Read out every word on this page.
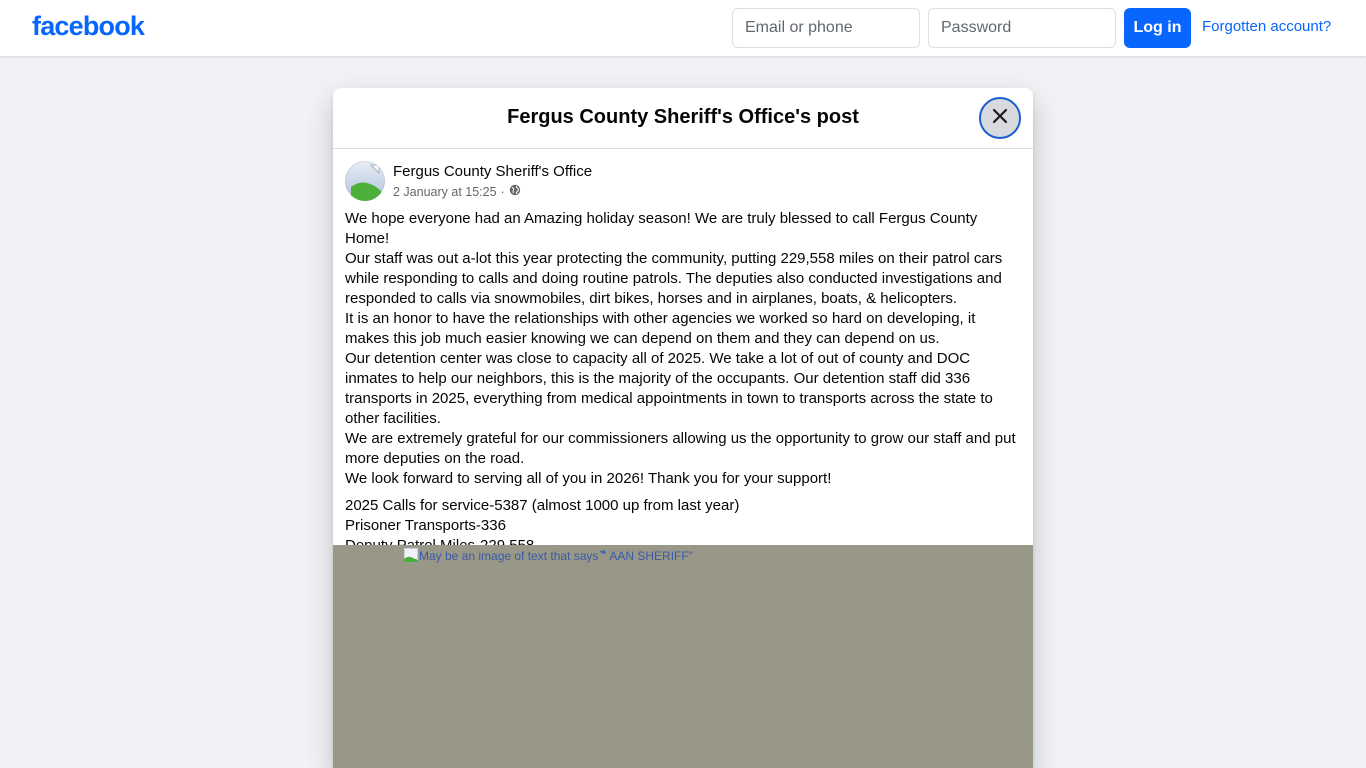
facebook
Email or phone	Log in	Forgotten account?
Fergus County Sheriff's Office's post
Fergus County Sheriff's Office
2 January at 15:25 ·

We hope everyone had an Amazing holiday season! We are truly blessed to call Fergus County Home!

Our staff was out a-lot this year protecting the community, putting 229,558 miles on their patrol cars while responding to calls and doing routine patrols. The deputies also conducted investigations and responded to calls via snowmobiles, dirt bikes, horses and in airplanes, boats, & helicopters.

It is an honor to have the relationships with other agencies we worked so hard on developing, it makes this job much easier knowing we can depend on them and they can depend on us.

Our detention center was close to capacity all of 2025. We take a lot of out of county and DOC inmates to help our neighbors, this is the majority of the occupants. Our detention staff did 336 transports in 2025, everything from medical appointments in town to transports across the state to other facilities.

We are extremely grateful for our commissioners allowing us the opportunity to grow our staff and put more deputies on the road.

We look forward to serving all of you in 2026! Thank you for your support!

2025 Calls for service-5387 (almost 1000 up from last year)

Prisoner Transports-336

May be an image of text that says "ี AAN SHERIFF"
